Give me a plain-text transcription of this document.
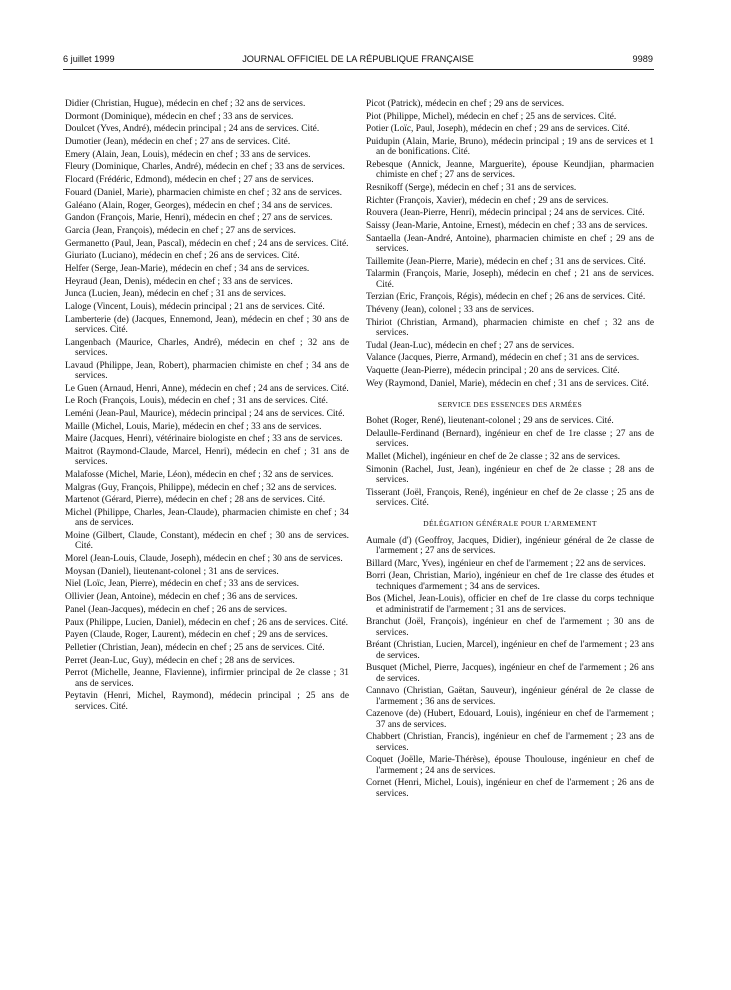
6 juillet 1999	JOURNAL OFFICIEL DE LA RÉPUBLIQUE FRANÇAISE	9989
Didier (Christian, Hugue), médecin en chef ; 32 ans de services.
Dormont (Dominique), médecin en chef ; 33 ans de services.
Doulcet (Yves, André), médecin principal ; 24 ans de services. Cité.
Dumotier (Jean), médecin en chef ; 27 ans de services. Cité.
Emery (Alain, Jean, Louis), médecin en chef ; 33 ans de services.
Fleury (Dominique, Charles, André), médecin en chef ; 33 ans de services.
Flocard (Frédéric, Edmond), médecin en chef ; 27 ans de services.
Fouard (Daniel, Marie), pharmacien chimiste en chef ; 32 ans de services.
Galéano (Alain, Roger, Georges), médecin en chef ; 34 ans de services.
Gandon (François, Marie, Henri), médecin en chef ; 27 ans de services.
Garcia (Jean, François), médecin en chef ; 27 ans de services.
Germanetto (Paul, Jean, Pascal), médecin en chef ; 24 ans de services. Cité.
Giuriato (Luciano), médecin en chef ; 26 ans de services. Cité.
Helfer (Serge, Jean-Marie), médecin en chef ; 34 ans de services.
Heyraud (Jean, Denis), médecin en chef ; 33 ans de services.
Junca (Lucien, Jean), médecin en chef ; 31 ans de services.
Laloge (Vincent, Louis), médecin principal ; 21 ans de services. Cité.
Lamberterie (de) (Jacques, Ennemond, Jean), médecin en chef ; 30 ans de services. Cité.
Langenbach (Maurice, Charles, André), médecin en chef ; 32 ans de services.
Lavaud (Philippe, Jean, Robert), pharmacien chimiste en chef ; 34 ans de services.
Le Guen (Arnaud, Henri, Anne), médecin en chef ; 24 ans de services. Cité.
Le Roch (François, Louis), médecin en chef ; 31 ans de services. Cité.
Leméni (Jean-Paul, Maurice), médecin principal ; 24 ans de services. Cité.
Maille (Michel, Louis, Marie), médecin en chef ; 33 ans de services.
Maire (Jacques, Henri), vétérinaire biologiste en chef ; 33 ans de services.
Maitrot (Raymond-Claude, Marcel, Henri), médecin en chef ; 31 ans de services.
Malafosse (Michel, Marie, Léon), médecin en chef ; 32 ans de services.
Malgras (Guy, François, Philippe), médecin en chef ; 32 ans de services.
Martenot (Gérard, Pierre), médecin en chef ; 28 ans de services. Cité.
Michel (Philippe, Charles, Jean-Claude), pharmacien chimiste en chef ; 34 ans de services.
Moine (Gilbert, Claude, Constant), médecin en chef ; 30 ans de services. Cité.
Morel (Jean-Louis, Claude, Joseph), médecin en chef ; 30 ans de services.
Moysan (Daniel), lieutenant-colonel ; 31 ans de services.
Niel (Loïc, Jean, Pierre), médecin en chef ; 33 ans de services.
Ollivier (Jean, Antoine), médecin en chef ; 36 ans de services.
Panel (Jean-Jacques), médecin en chef ; 26 ans de services.
Paux (Philippe, Lucien, Daniel), médecin en chef ; 26 ans de services. Cité.
Payen (Claude, Roger, Laurent), médecin en chef ; 29 ans de services.
Pelletier (Christian, Jean), médecin en chef ; 25 ans de services. Cité.
Perret (Jean-Luc, Guy), médecin en chef ; 28 ans de services.
Perrot (Michelle, Jeanne, Flavienne), infirmier principal de 2e classe ; 31 ans de services.
Peytavin (Henri, Michel, Raymond), médecin principal ; 25 ans de services. Cité.
Picot (Patrick), médecin en chef ; 29 ans de services.
Piot (Philippe, Michel), médecin en chef ; 25 ans de services. Cité.
Potier (Loïc, Paul, Joseph), médecin en chef ; 29 ans de services. Cité.
Puidupin (Alain, Marie, Bruno), médecin principal ; 19 ans de services et 1 an de bonifications. Cité.
Rebesque (Annick, Jeanne, Marguerite), épouse Keundjian, pharmacien chimiste en chef ; 27 ans de services.
Resnikoff (Serge), médecin en chef ; 31 ans de services.
Richter (François, Xavier), médecin en chef ; 29 ans de services.
Rouvera (Jean-Pierre, Henri), médecin principal ; 24 ans de services. Cité.
Saissy (Jean-Marie, Antoine, Ernest), médecin en chef ; 33 ans de services.
Santaella (Jean-André, Antoine), pharmacien chimiste en chef ; 29 ans de services.
Taillemite (Jean-Pierre, Marie), médecin en chef ; 31 ans de services. Cité.
Talarmin (François, Marie, Joseph), médecin en chef ; 21 ans de services. Cité.
Terzian (Eric, François, Régis), médecin en chef ; 26 ans de services. Cité.
Théveny (Jean), colonel ; 33 ans de services.
Thiriot (Christian, Armand), pharmacien chimiste en chef ; 32 ans de services.
Tudal (Jean-Luc), médecin en chef ; 27 ans de services.
Valance (Jacques, Pierre, Armand), médecin en chef ; 31 ans de services.
Vaquette (Jean-Pierre), médecin principal ; 20 ans de services. Cité.
Wey (Raymond, Daniel, Marie), médecin en chef ; 31 ans de services. Cité.
SERVICE DES ESSENCES DES ARMÉES
Bohet (Roger, René), lieutenant-colonel ; 29 ans de services. Cité.
Delaulle-Ferdinand (Bernard), ingénieur en chef de 1re classe ; 27 ans de services.
Mallet (Michel), ingénieur en chef de 2e classe ; 32 ans de services.
Simonin (Rachel, Just, Jean), ingénieur en chef de 2e classe ; 28 ans de services.
Tisserant (Joël, François, René), ingénieur en chef de 2e classe ; 25 ans de services. Cité.
DÉLÉGATION GÉNÉRALE POUR L'ARMEMENT
Aumale (d') (Geoffroy, Jacques, Didier), ingénieur général de 2e classe de l'armement ; 27 ans de services.
Billard (Marc, Yves), ingénieur en chef de l'armement ; 22 ans de services.
Borri (Jean, Christian, Mario), ingénieur en chef de 1re classe des études et techniques d'armement ; 34 ans de services.
Bos (Michel, Jean-Louis), officier en chef de 1re classe du corps technique et administratif de l'armement ; 31 ans de services.
Branchut (Joël, François), ingénieur en chef de l'armement ; 30 ans de services.
Bréant (Christian, Lucien, Marcel), ingénieur en chef de l'armement ; 23 ans de services.
Busquet (Michel, Pierre, Jacques), ingénieur en chef de l'armement ; 26 ans de services.
Cannavo (Christian, Gaëtan, Sauveur), ingénieur général de 2e classe de l'armement ; 36 ans de services.
Cazenove (de) (Hubert, Edouard, Louis), ingénieur en chef de l'armement ; 37 ans de services.
Chabbert (Christian, Francis), ingénieur en chef de l'armement ; 23 ans de services.
Coquet (Joëlle, Marie-Thérèse), épouse Thoulouse, ingénieur en chef de l'armement ; 24 ans de services.
Cornet (Henri, Michel, Louis), ingénieur en chef de l'armement ; 26 ans de services.
